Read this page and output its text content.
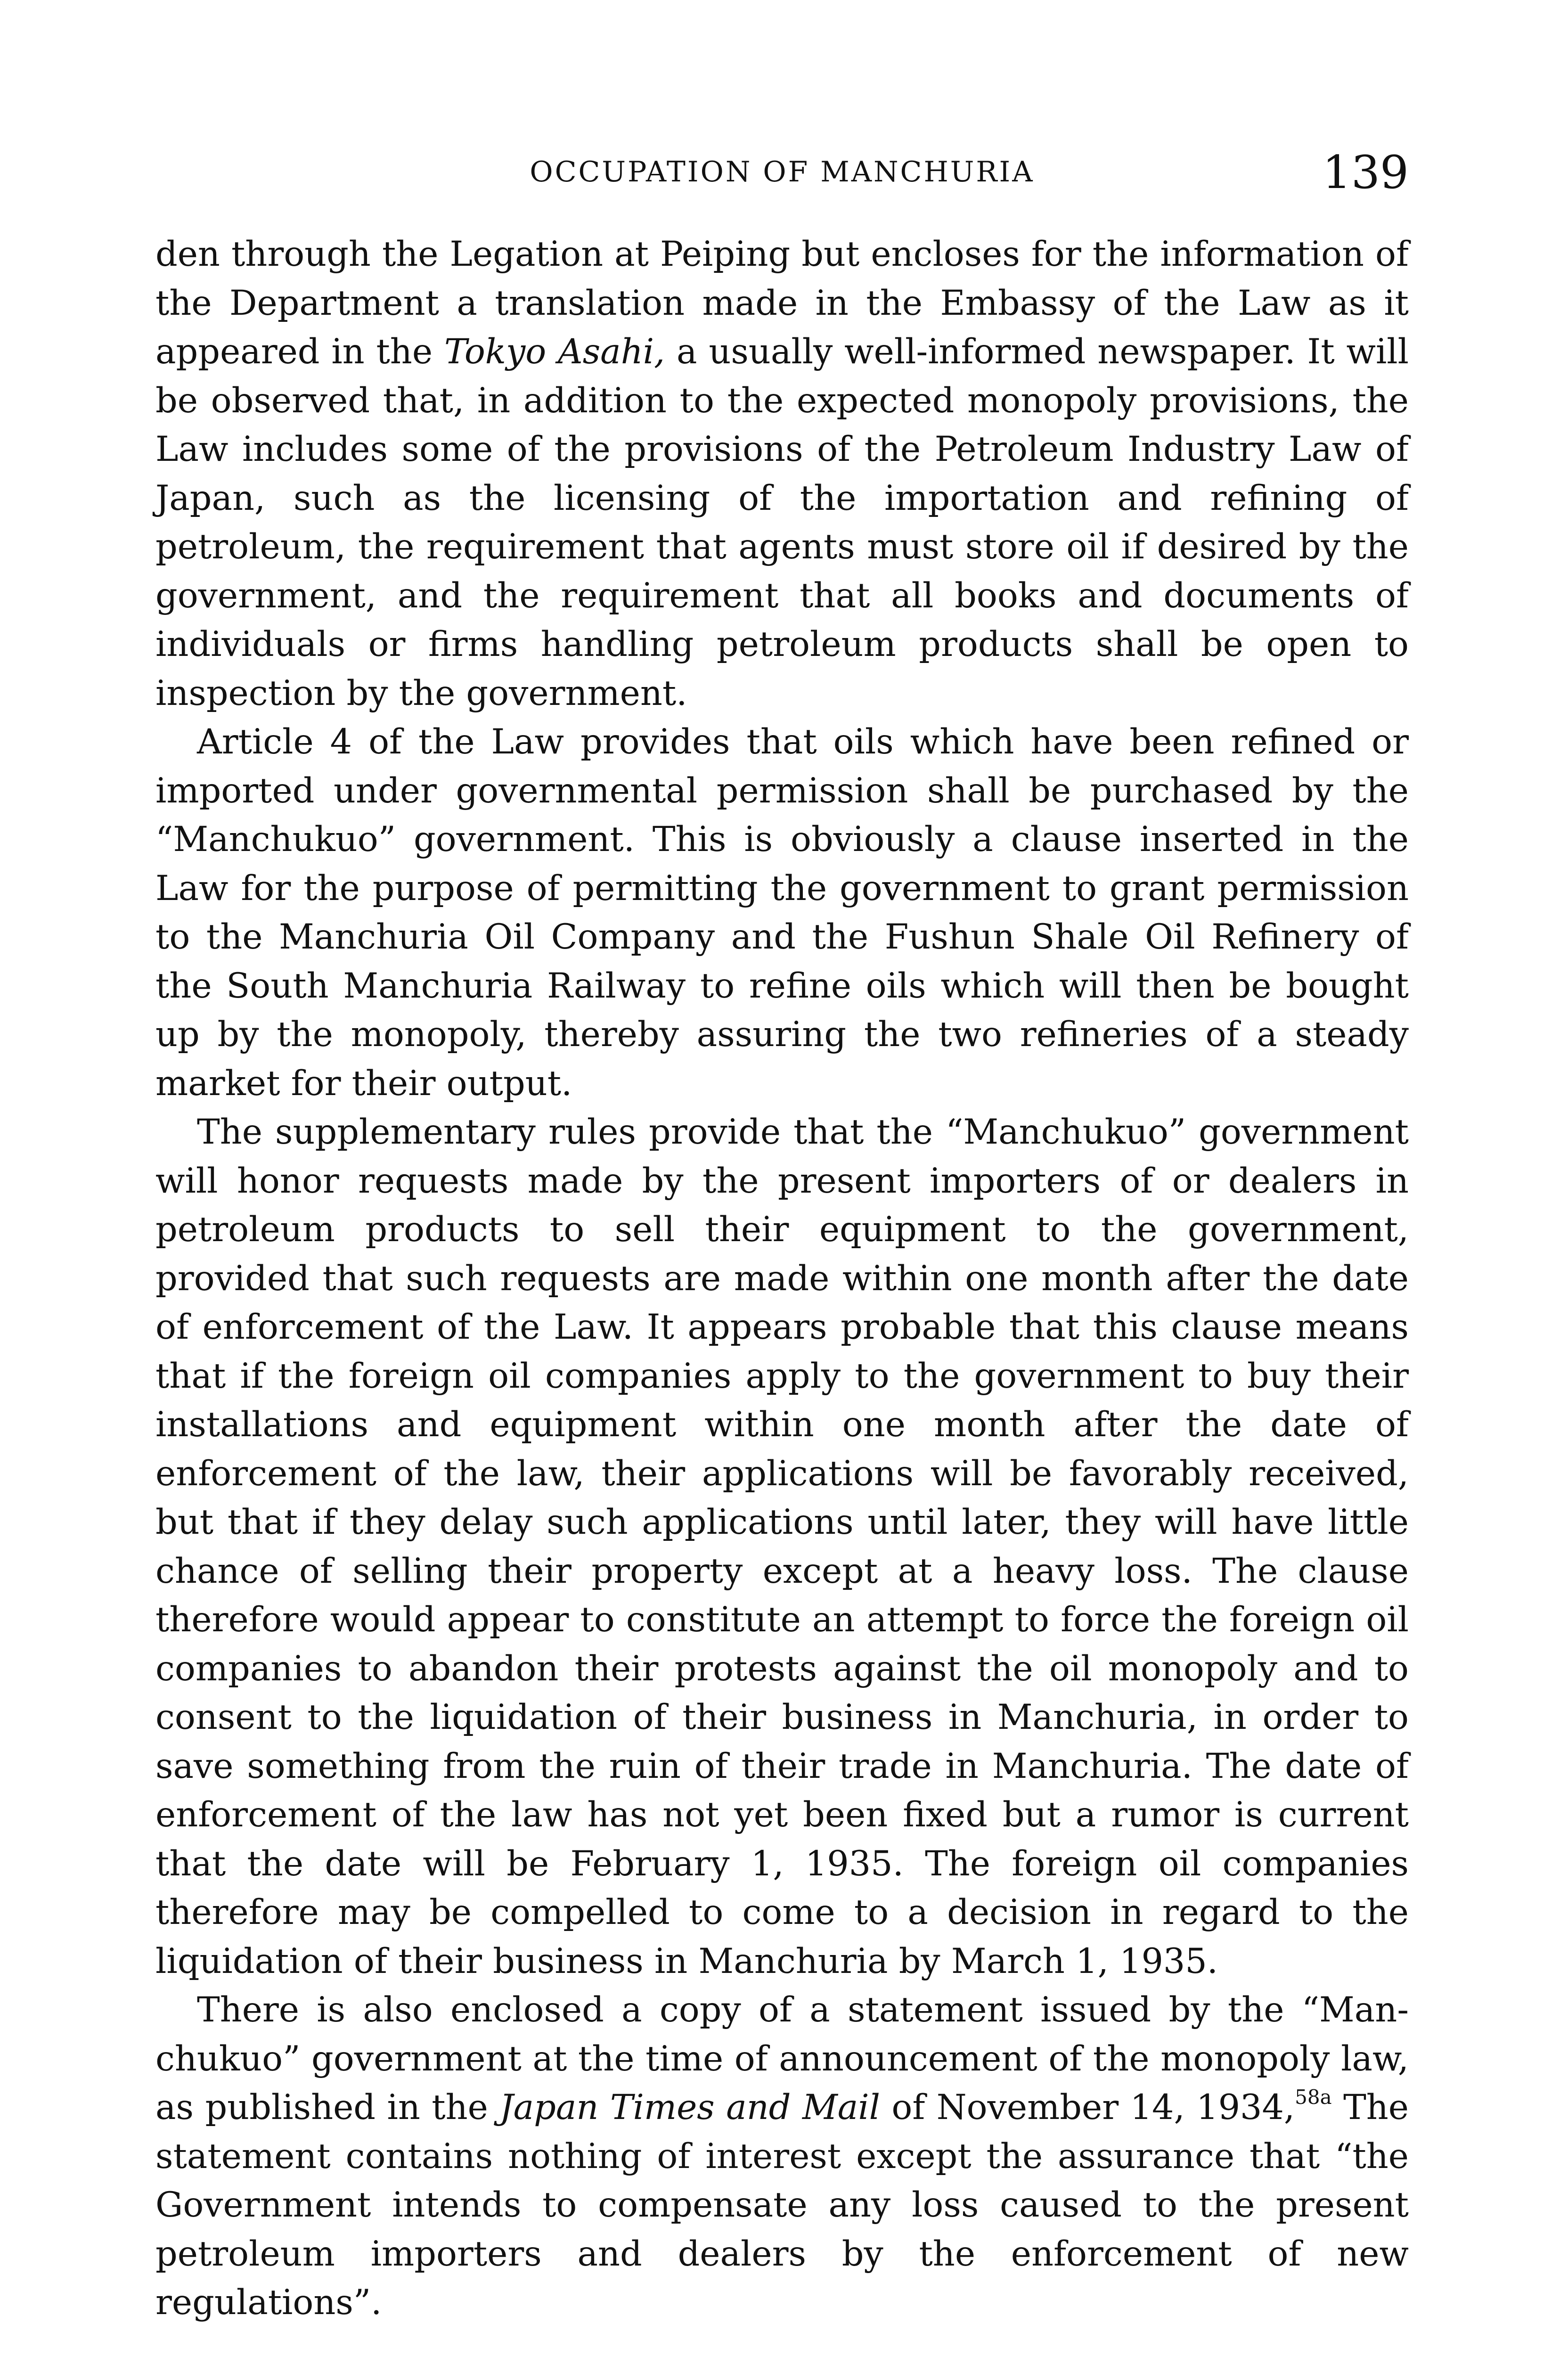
OCCUPATION OF MANCHURIA	139

den through the Legation at Peiping but encloses for the information of the Department a translation made in the Embassy of the Law as it appeared in the Tokyo Asahi, a usually well-informed newspaper. It will be observed that, in addition to the expected monopoly provisions, the Law includes some of the provisions of the Petroleum Industry Law of Japan, such as the licensing of the importation and refining of petroleum, the requirement that agents must store oil if desired by the government, and the requirement that all books and documents of individuals or firms handling petroleum products shall be open to inspection by the government.

Article 4 of the Law provides that oils which have been refined or imported under governmental permission shall be purchased by the “Manchukuo” government. This is obviously a clause inserted in the Law for the purpose of permitting the government to grant permission to the Manchuria Oil Company and the Fushun Shale Oil Refinery of the South Manchuria Railway to refine oils which will then be bought up by the monopoly, thereby assuring the two refineries of a steady market for their output.

The supplementary rules provide that the “Manchukuo” government will honor requests made by the present importers of or dealers in petroleum products to sell their equipment to the government, provided that such requests are made within one month after the date of enforcement of the Law. It appears probable that this clause means that if the foreign oil companies apply to the government to buy their installations and equipment within one month after the date of enforcement of the law, their applications will be favorably received, but that if they delay such applications until later, they will have little chance of selling their property except at a heavy loss. The clause therefore would appear to constitute an attempt to force the foreign oil companies to abandon their protests against the oil monopoly and to consent to the liquidation of their business in Manchuria, in order to save something from the ruin of their trade in Manchuria. The date of enforcement of the law has not yet been fixed but a rumor is current that the date will be February 1, 1935. The foreign oil companies therefore may be compelled to come to a decision in regard to the liquidation of their business in Manchuria by March 1, 1935.

There is also enclosed a copy of a statement issued by the “Manchukuo” government at the time of announcement of the monopoly law, as published in the Japan Times and Mail of November 14, 1934,$^{58a}$ The statement contains nothing of interest except the assurance that “the Government intends to compensate any loss caused to the present petroleum importers and dealers by the enforcement of new regulations”.
